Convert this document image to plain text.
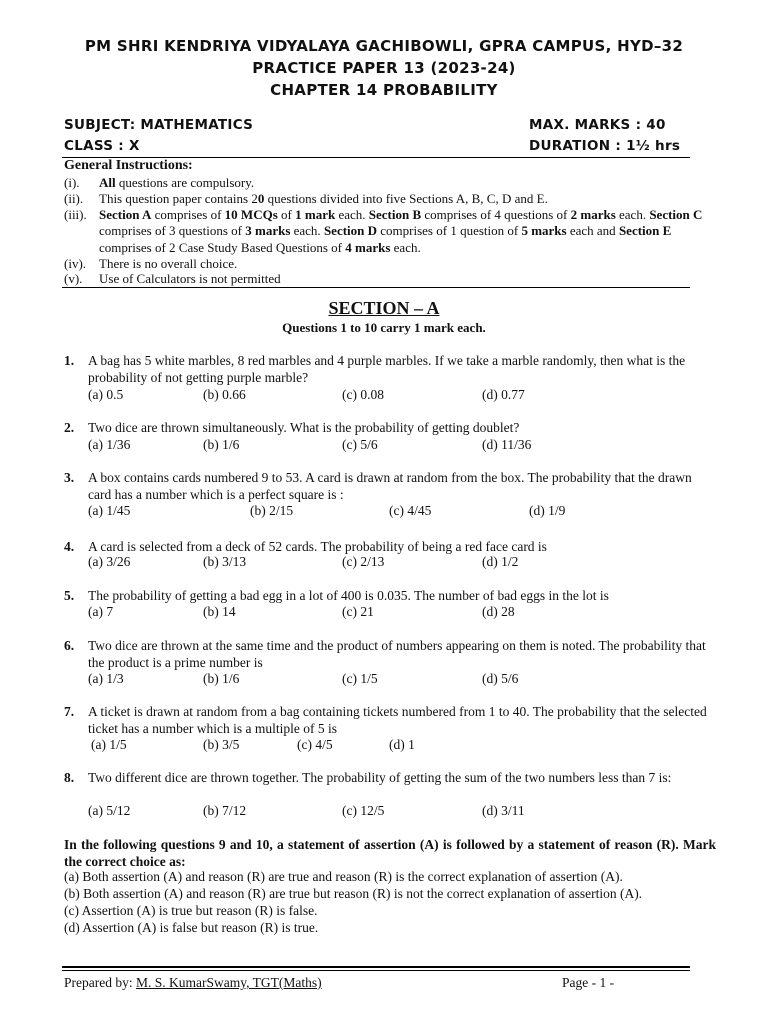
PM SHRI KENDRIYA VIDYALAYA GACHIBOWLI, GPRA CAMPUS, HYD–32
PRACTICE PAPER 13 (2023-24)
CHAPTER 14 PROBABILITY
SUBJECT: MATHEMATICS
CLASS : X
MAX. MARKS : 40
DURATION : 1½ hrs
General Instructions:
(i). All questions are compulsory.
(ii). This question paper contains 20 questions divided into five Sections A, B, C, D and E.
(iii). Section A comprises of 10 MCQs of 1 mark each. Section B comprises of 4 questions of 2 marks each. Section C comprises of 3 questions of 3 marks each. Section D comprises of 1 question of 5 marks each and Section E comprises of 2 Case Study Based Questions of 4 marks each.
(iv). There is no overall choice.
(v). Use of Calculators is not permitted
SECTION – A
Questions 1 to 10 carry 1 mark each.
1. A bag has 5 white marbles, 8 red marbles and 4 purple marbles. If we take a marble randomly, then what is the probability of not getting purple marble?
(a) 0.5	(b) 0.66	(c) 0.08	(d) 0.77
2. Two dice are thrown simultaneously. What is the probability of getting doublet?
(a) 1/36	(b) 1/6	(c) 5/6	(d) 11/36
3. A box contains cards numbered 9 to 53. A card is drawn at random from the box. The probability that the drawn card has a number which is a perfect square is :
(a) 1/45	(b) 2/15	(c) 4/45	(d) 1/9
4. A card is selected from a deck of 52 cards. The probability of being a red face card is
(a) 3/26	(b) 3/13	(c) 2/13	(d) 1/2
5. The probability of getting a bad egg in a lot of 400 is 0.035. The number of bad eggs in the lot is
(a) 7	(b) 14	(c) 21	(d) 28
6. Two dice are thrown at the same time and the product of numbers appearing on them is noted. The probability that the product is a prime number is
(a) 1/3	(b) 1/6	(c) 1/5	(d) 5/6
7. A ticket is drawn at random from a bag containing tickets numbered from 1 to 40. The probability that the selected ticket has a number which is a multiple of 5 is
(a) 1/5	(b) 3/5	(c) 4/5	(d) 1
8. Two different dice are thrown together. The probability of getting the sum of the two numbers less than 7 is:
(a) 5/12	(b) 7/12	(c) 12/5	(d) 3/11
In the following questions 9 and 10, a statement of assertion (A) is followed by a statement of reason (R). Mark the correct choice as:
(a) Both assertion (A) and reason (R) are true and reason (R) is the correct explanation of assertion (A).
(b) Both assertion (A) and reason (R) are true but reason (R) is not the correct explanation of assertion (A).
(c) Assertion (A) is true but reason (R) is false.
(d) Assertion (A) is false but reason (R) is true.
Prepared by: M. S. KumarSwamy, TGT(Maths)	Page - 1 -
